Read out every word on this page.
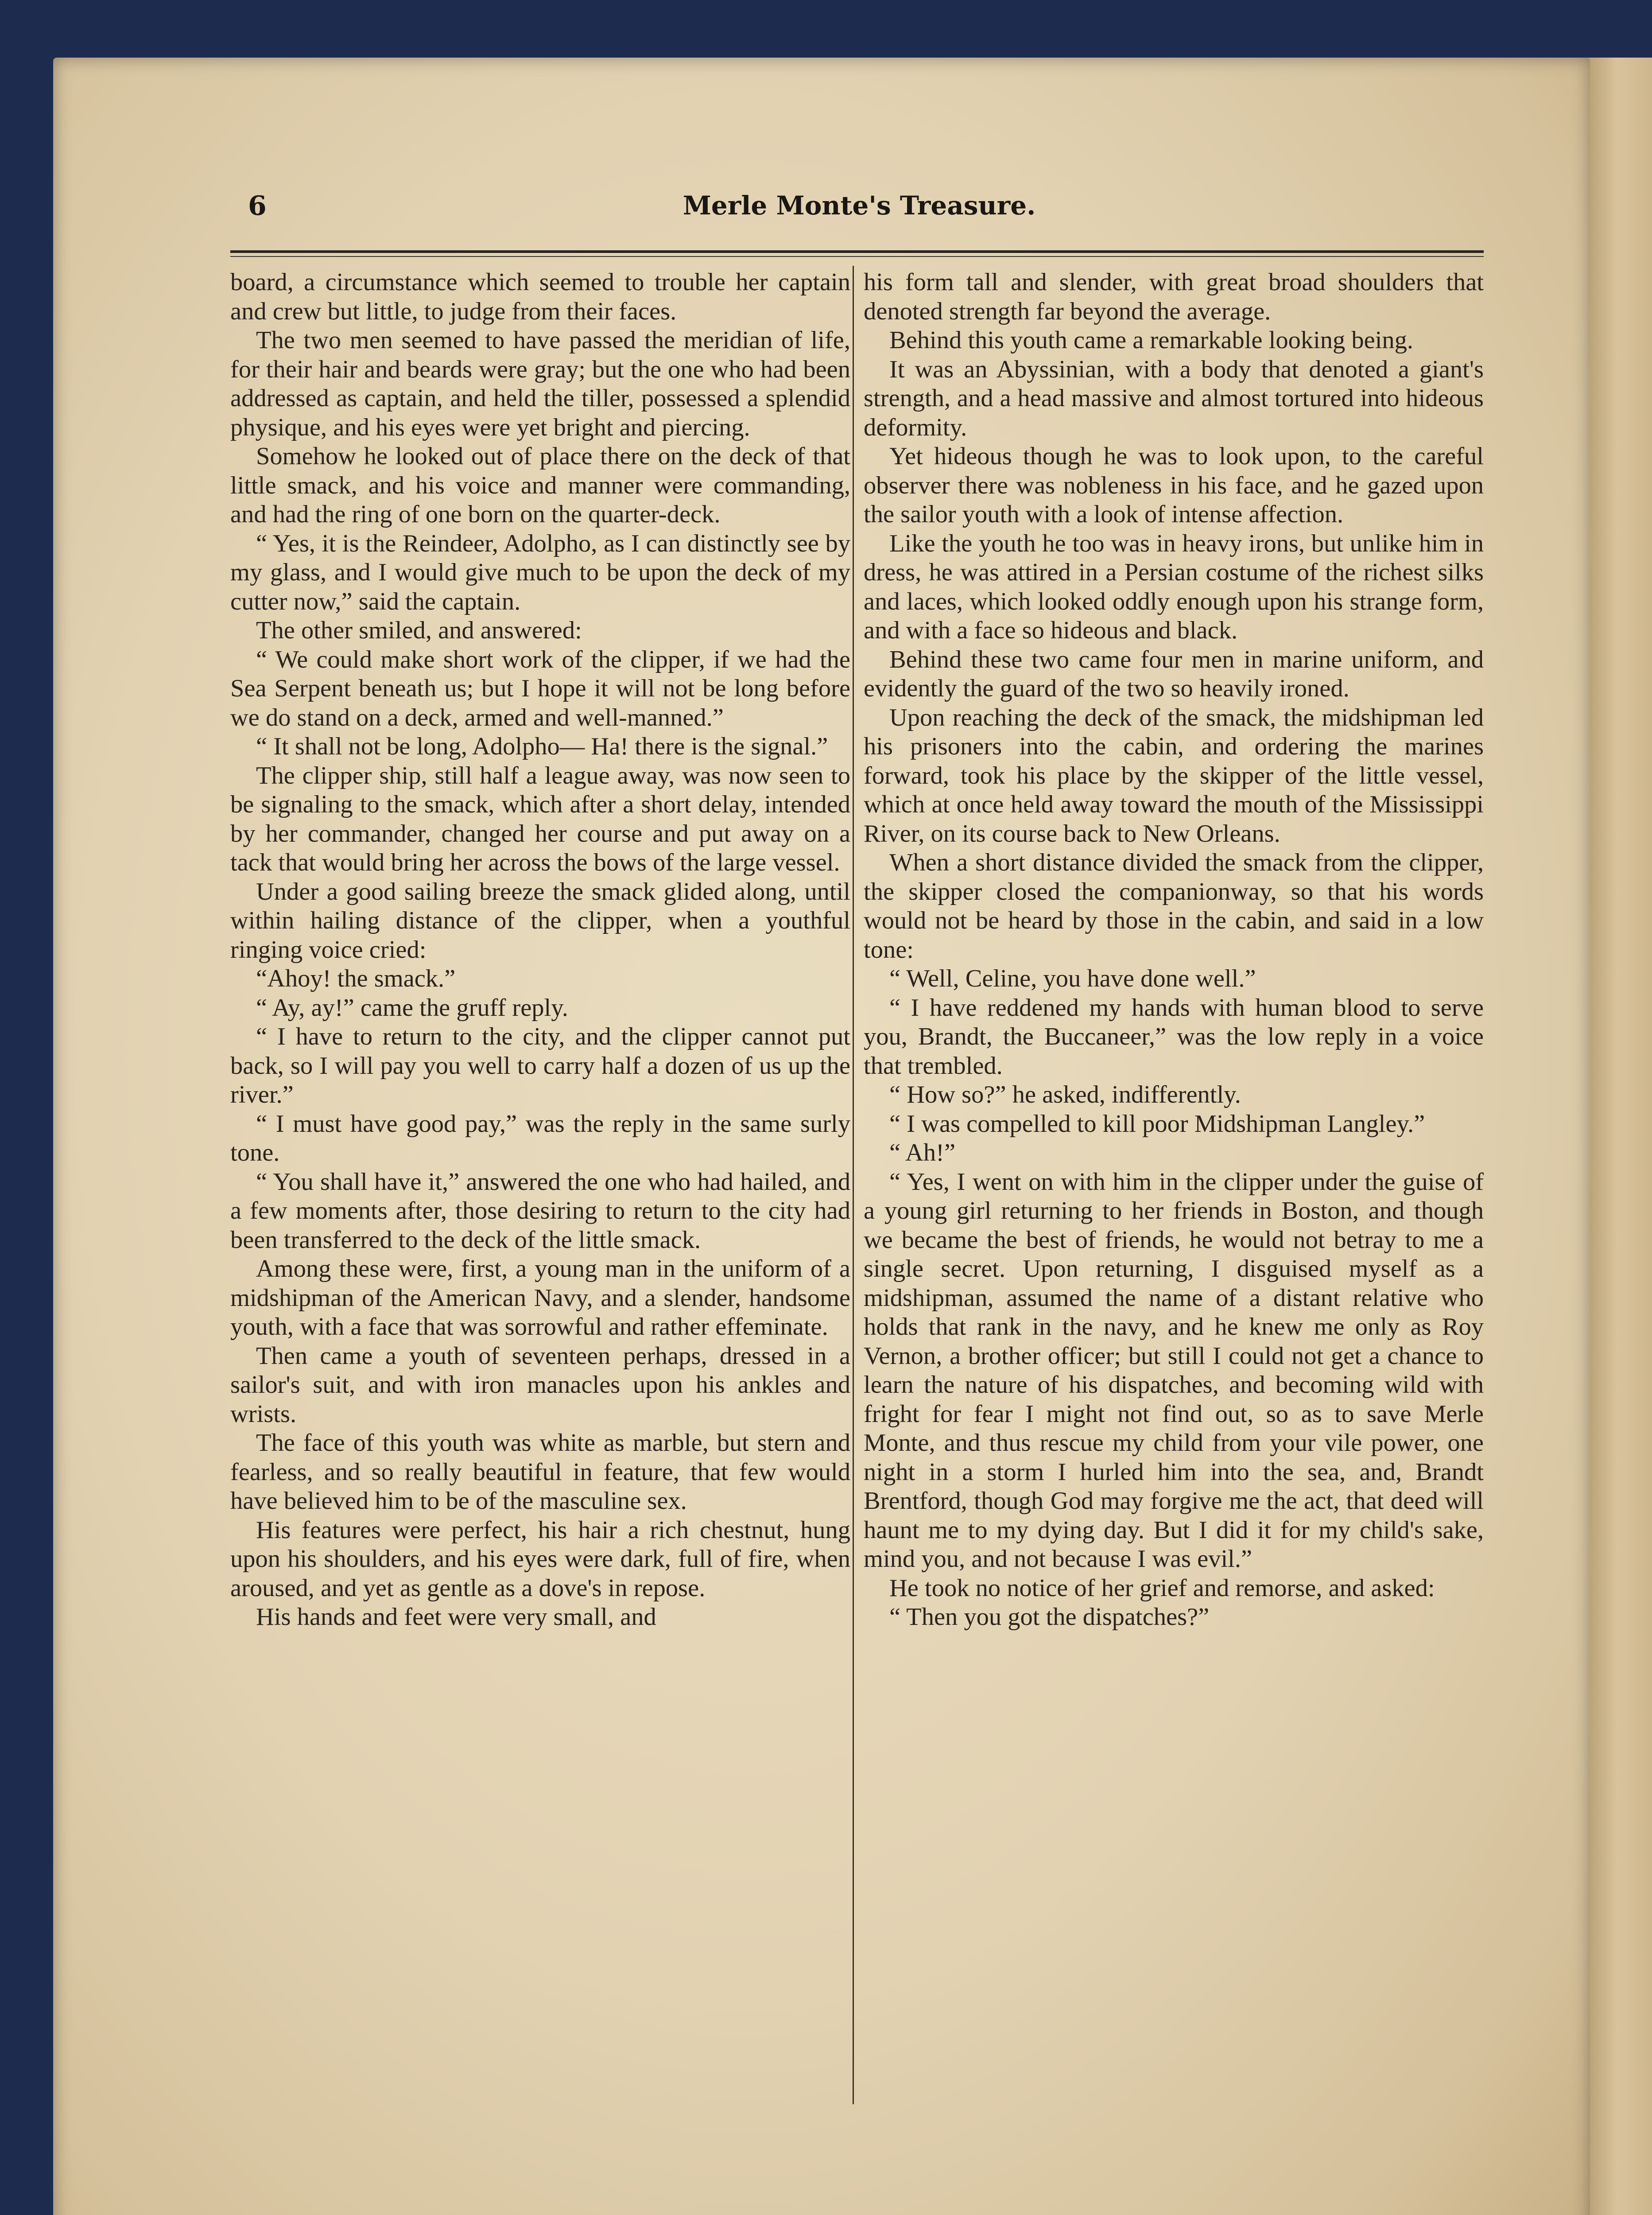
6	Merle Monte's Treasure.

board, a circumstance which seemed to trouble her captain and crew but little, to judge from their faces.

The two men seemed to have passed the meridian of life, for their hair and beards were gray; but the one who had been addressed as captain, and held the tiller, possessed a splendid physique, and his eyes were yet bright and piercing.

Somehow he looked out of place there on the deck of that little smack, and his voice and manner were commanding, and had the ring of one born on the quarter-deck.

“ Yes, it is the Reindeer, Adolpho, as I can distinctly see by my glass, and I would give much to be upon the deck of my cutter now,” said the captain.

The other smiled, and answered:

“ We could make short work of the clipper, if we had the Sea Serpent beneath us; but I hope it will not be long before we do stand on a deck, armed and well-manned.”

“ It shall not be long, Adolpho— Ha! there is the signal.”

The clipper ship, still half a league away, was now seen to be signaling to the smack, which after a short delay, intended by her commander, changed her course and put away on a tack that would bring her across the bows of the large vessel.

Under a good sailing breeze the smack glided along, until within hailing distance of the clipper, when a youthful ringing voice cried:

“Ahoy! the smack.”

“ Ay, ay!” came the gruff reply.

“ I have to return to the city, and the clipper cannot put back, so I will pay you well to carry half a dozen of us up the river.”

“ I must have good pay,” was the reply in the same surly tone.

“ You shall have it,” answered the one who had hailed, and a few moments after, those desiring to return to the city had been transferred to the deck of the little smack.

Among these were, first, a young man in the uniform of a midshipman of the American Navy, and a slender, handsome youth, with a face that was sorrowful and rather effeminate.

Then came a youth of seventeen perhaps, dressed in a sailor's suit, and with iron manacles upon his ankles and wrists.

The face of this youth was white as marble, but stern and fearless, and so really beautiful in feature, that few would have believed him to be of the masculine sex.

His features were perfect, his hair a rich chestnut, hung upon his shoulders, and his eyes were dark, full of fire, when aroused, and yet as gentle as a dove's in repose.

His hands and feet were very small, and

his form tall and slender, with great broad shoulders that denoted strength far beyond the average.

Behind this youth came a remarkable looking being.

It was an Abyssinian, with a body that denoted a giant's strength, and a head massive and almost tortured into hideous deformity.

Yet hideous though he was to look upon, to the careful observer there was nobleness in his face, and he gazed upon the sailor youth with a look of intense affection.

Like the youth he too was in heavy irons, but unlike him in dress, he was attired in a Persian costume of the richest silks and laces, which looked oddly enough upon his strange form, and with a face so hideous and black.

Behind these two came four men in marine uniform, and evidently the guard of the two so heavily ironed.

Upon reaching the deck of the smack, the midshipman led his prisoners into the cabin, and ordering the marines forward, took his place by the skipper of the little vessel, which at once held away toward the mouth of the Mississippi River, on its course back to New Orleans.

When a short distance divided the smack from the clipper, the skipper closed the companionway, so that his words would not be heard by those in the cabin, and said in a low tone:

“ Well, Celine, you have done well.”

“ I have reddened my hands with human blood to serve you, Brandt, the Buccaneer,” was the low reply in a voice that trembled.

“ How so?” he asked, indifferently.

“ I was compelled to kill poor Midshipman Langley.”

“ Ah!”

“ Yes, I went on with him in the clipper under the guise of a young girl returning to her friends in Boston, and though we became the best of friends, he would not betray to me a single secret. Upon returning, I disguised myself as a midshipman, assumed the name of a distant relative who holds that rank in the navy, and he knew me only as Roy Vernon, a brother officer; but still I could not get a chance to learn the nature of his dispatches, and becoming wild with fright for fear I might not find out, so as to save Merle Monte, and thus rescue my child from your vile power, one night in a storm I hurled him into the sea, and, Brandt Brentford, though God may forgive me the act, that deed will haunt me to my dying day. But I did it for my child's sake, mind you, and not because I was evil.”

He took no notice of her grief and remorse, and asked:

“ Then you got the dispatches?”
